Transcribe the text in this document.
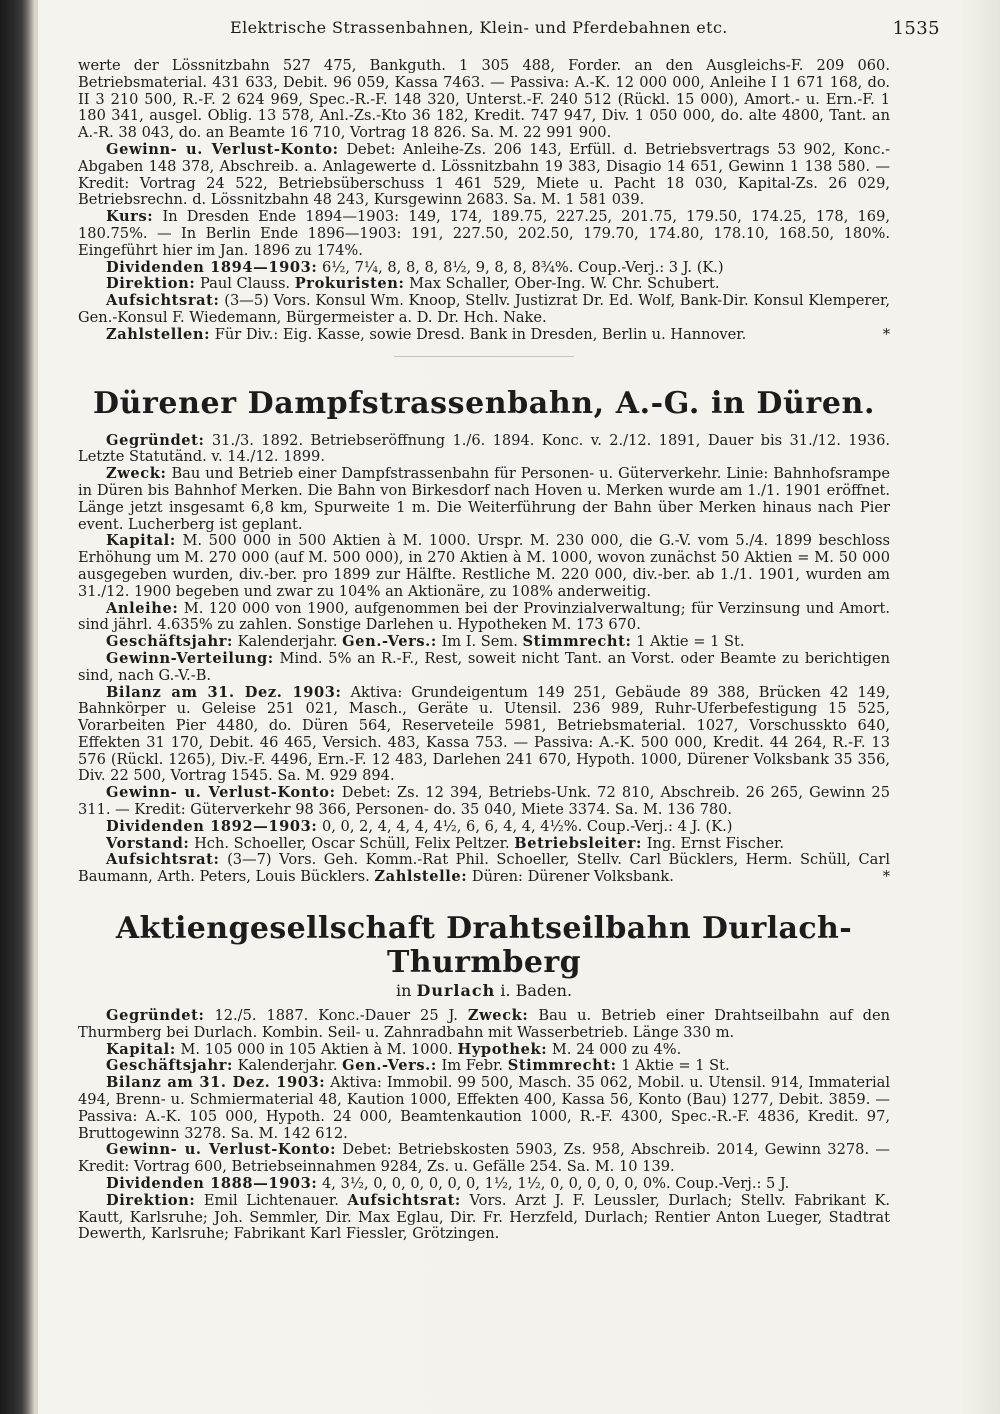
Elektrische Strassenbahnen, Klein- und Pferdebahnen etc.	1535

werte der Lössnitzbahn 527 475, Bankguth. 1 305 488, Forder. an den Ausgleichs-F. 209 060. Betriebsmaterial. 431 633, Debit. 96 059, Kassa 7463. — Passiva: A.-K. 12 000 000, Anleihe I 1 671 168, do. II 3 210 500, R.-F. 2 624 969, Spec.-R.-F. 148 320, Unterst.-F. 240 512 (Rückl. 15 000), Amort.- u. Ern.-F. 1 180 341, ausgel. Oblig. 13 578, Anl.-Zs.-Kto 36 182, Kredit. 747 947, Div. 1 050 000, do. alte 4800, Tant. an A.-R. 38 043, do. an Beamte 16 710, Vortrag 18 826. Sa. M. 22 991 900.

Gewinn- u. Verlust-Konto: Debet: Anleihe-Zs. 206 143, Erfüll. d. Betriebsvertrags 53 902, Konc.-Abgaben 148 378, Abschreib. a. Anlagewerte d. Lössnitzbahn 19 383, Disagio 14 651, Gewinn 1 138 580. — Kredit: Vortrag 24 522, Betriebsüberschuss 1 461 529, Miete u. Pacht 18 030, Kapital-Zs. 26 029, Betriebsrechn. d. Lössnitzbahn 48 243, Kursgewinn 2683. Sa. M. 1 581 039.

Kurs: In Dresden Ende 1894—1903: 149, 174, 189.75, 227.25, 201.75, 179.50, 174.25, 178, 169, 180.75%. — In Berlin Ende 1896—1903: 191, 227.50, 202.50, 179.70, 174.80, 178.10, 168.50, 180%. Eingeführt hier im Jan. 1896 zu 174%.

Dividenden 1894—1903: 6½, 7¼, 8, 8, 8, 8½, 9, 8, 8, 8¾%. Coup.-Verj.: 3 J. (K.)

Direktion: Paul Clauss. Prokuristen: Max Schaller, Ober-Ing. W. Chr. Schubert.

Aufsichtsrat: (3—5) Vors. Konsul Wm. Knoop, Stellv. Justizrat Dr. Ed. Wolf, Bank-Dir. Konsul Klemperer, Gen.-Konsul F. Wiedemann, Bürgermeister a. D. Dr. Hch. Nake.

Zahlstellen: Für Div.: Eig. Kasse, sowie Dresd. Bank in Dresden, Berlin u. Hannover.	*

Dürener Dampfstrassenbahn, A.-G. in Düren.

Gegründet: 31./3. 1892. Betriebseröffnung 1./6. 1894. Konc. v. 2./12. 1891, Dauer bis 31./12. 1936. Letzte Statutänd. v. 14./12. 1899.

Zweck: Bau und Betrieb einer Dampfstrassenbahn für Personen- u. Güterverkehr. Linie: Bahnhofsrampe in Düren bis Bahnhof Merken. Die Bahn von Birkesdorf nach Hoven u. Merken wurde am 1./1. 1901 eröffnet. Länge jetzt insgesamt 6,8 km, Spurweite 1 m. Die Weiterführung der Bahn über Merken hinaus nach Pier event. Lucherberg ist geplant.

Kapital: M. 500 000 in 500 Aktien à M. 1000. Urspr. M. 230 000, die G.-V. vom 5./4. 1899 beschloss Erhöhung um M. 270 000 (auf M. 500 000), in 270 Aktien à M. 1000, wovon zunächst 50 Aktien = M. 50 000 ausgegeben wurden, div.-ber. pro 1899 zur Hälfte. Restliche M. 220 000, div.-ber. ab 1./1. 1901, wurden am 31./12. 1900 begeben und zwar zu 104% an Aktionäre, zu 108% anderweitig.

Anleihe: M. 120 000 von 1900, aufgenommen bei der Provinzialverwaltung; für Verzinsung und Amort. sind jährl. 4.635% zu zahlen. Sonstige Darlehen u. Hypotheken M. 173 670.

Geschäftsjahr: Kalenderjahr. Gen.-Vers.: Im I. Sem. Stimmrecht: 1 Aktie = 1 St.

Gewinn-Verteilung: Mind. 5% an R.-F., Rest, soweit nicht Tant. an Vorst. oder Beamte zu berichtigen sind, nach G.-V.-B.

Bilanz am 31. Dez. 1903: Aktiva: Grundeigentum 149 251, Gebäude 89 388, Brücken 42 149, Bahnkörper u. Geleise 251 021, Masch., Geräte u. Utensil. 236 989, Ruhr-Uferbefestigung 15 525, Vorarbeiten Pier 4480, do. Düren 564, Reserveteile 5981, Betriebsmaterial. 1027, Vorschusskto 640, Effekten 31 170, Debit. 46 465, Versich. 483, Kassa 753. — Passiva: A.-K. 500 000, Kredit. 44 264, R.-F. 13 576 (Rückl. 1265), Div.-F. 4496, Ern.-F. 12 483, Darlehen 241 670, Hypoth. 1000, Dürener Volksbank 35 356, Div. 22 500, Vortrag 1545. Sa. M. 929 894.

Gewinn- u. Verlust-Konto: Debet: Zs. 12 394, Betriebs-Unk. 72 810, Abschreib. 26 265, Gewinn 25 311. — Kredit: Güterverkehr 98 366, Personen- do. 35 040, Miete 3374. Sa. M. 136 780.

Dividenden 1892—1903: 0, 0, 2, 4, 4, 4, 4½, 6, 6, 4, 4, 4½%. Coup.-Verj.: 4 J. (K.)

Vorstand: Hch. Schoeller, Oscar Schüll, Felix Peltzer. Betriebsleiter: Ing. Ernst Fischer.

Aufsichtsrat: (3—7) Vors. Geh. Komm.-Rat Phil. Schoeller, Stellv. Carl Bücklers, Herm. Schüll, Carl Baumann, Arth. Peters, Louis Bücklers. Zahlstelle: Düren: Dürener Volksbank.	*

Aktiengesellschaft Drahtseilbahn Durlach-Thurmberg
in Durlach i. Baden.

Gegründet: 12./5. 1887. Konc.-Dauer 25 J. Zweck: Bau u. Betrieb einer Drahtseilbahn auf den Thurmberg bei Durlach. Kombin. Seil- u. Zahnradbahn mit Wasserbetrieb. Länge 330 m.

Kapital: M. 105 000 in 105 Aktien à M. 1000. Hypothek: M. 24 000 zu 4%.

Geschäftsjahr: Kalenderjahr. Gen.-Vers.: Im Febr. Stimmrecht: 1 Aktie = 1 St.

Bilanz am 31. Dez. 1903: Aktiva: Immobil. 99 500, Masch. 35 062, Mobil. u. Utensil. 914, Immaterial 494, Brenn- u. Schmiermaterial 48, Kaution 1000, Effekten 400, Kassa 56, Konto (Bau) 1277, Debit. 3859. — Passiva: A.-K. 105 000, Hypoth. 24 000, Beamtenkaution 1000, R.-F. 4300, Spec.-R.-F. 4836, Kredit. 97, Bruttogewinn 3278. Sa. M. 142 612.

Gewinn- u. Verlust-Konto: Debet: Betriebskosten 5903, Zs. 958, Abschreib. 2014, Gewinn 3278. — Kredit: Vortrag 600, Betriebseinnahmen 9284, Zs. u. Gefälle 254. Sa. M. 10 139.

Dividenden 1888—1903: 4, 3½, 0, 0, 0, 0, 0, 0, 1½, 1½, 0, 0, 0, 0, 0, 0%. Coup.-Verj.: 5 J.

Direktion: Emil Lichtenauer. Aufsichtsrat: Vors. Arzt J. F. Leussler, Durlach; Stellv. Fabrikant K. Kautt, Karlsruhe; Joh. Semmler, Dir. Max Eglau, Dir. Fr. Herzfeld, Durlach; Rentier Anton Lueger, Stadtrat Dewerth, Karlsruhe; Fabrikant Karl Fiessler, Grötzingen.
